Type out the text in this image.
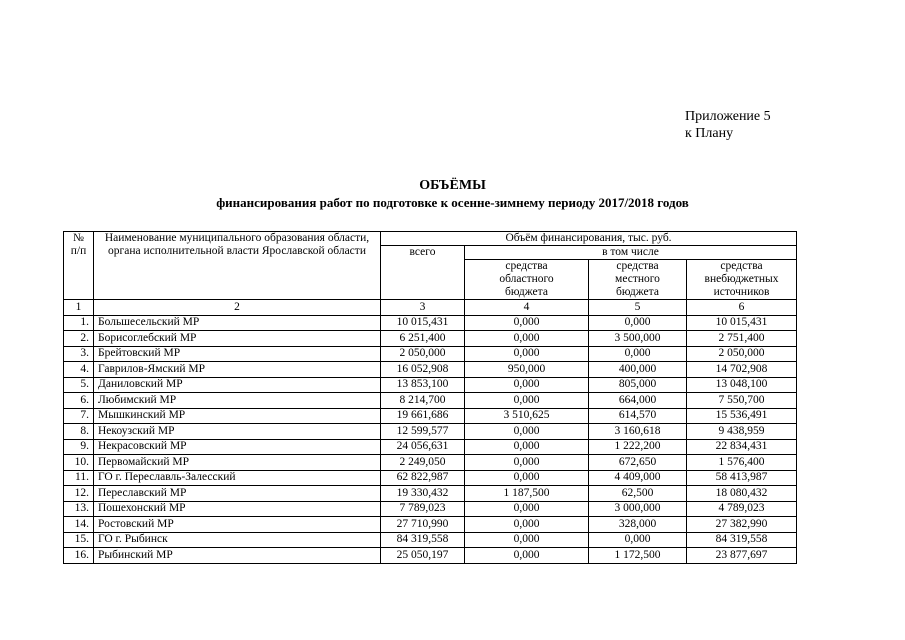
Приложение 5
к Плану
ОБЪЁМЫ
финансирования работ по подготовке к осенне-зимнему периоду 2017/2018 годов
№ п/п	Наименование муниципального образования области, органа исполнительной власти Ярославской области	Объём финансирования, тыс. руб.			
		всего	в том числе		
			средства областного бюджета	средства местного бюджета	средства внебюджетных источников
1	2	3	4	5	6
1.	Большесельский МР	10 015,431	0,000	0,000	10 015,431
2.	Борисоглебский МР	6 251,400	0,000	3 500,000	2 751,400
3.	Брейтовский МР	2 050,000	0,000	0,000	2 050,000
4.	Гаврилов-Ямский МР	16 052,908	950,000	400,000	14 702,908
5.	Даниловский МР	13 853,100	0,000	805,000	13 048,100
6.	Любимский МР	8 214,700	0,000	664,000	7 550,700
7.	Мышкинский МР	19 661,686	3 510,625	614,570	15 536,491
8.	Некоузский МР	12 599,577	0,000	3 160,618	9 438,959
9.	Некрасовский МР	24 056,631	0,000	1 222,200	22 834,431
10.	Первомайский МР	2 249,050	0,000	672,650	1 576,400
11.	ГО г. Переславль-Залесский	62 822,987	0,000	4 409,000	58 413,987
12.	Переславский МР	19 330,432	1 187,500	62,500	18 080,432
13.	Пошехонский МР	7 789,023	0,000	3 000,000	4 789,023
14.	Ростовский МР	27 710,990	0,000	328,000	27 382,990
15.	ГО г. Рыбинск	84 319,558	0,000	0,000	84 319,558
16.	Рыбинский МР	25 050,197	0,000	1 172,500	23 877,697
